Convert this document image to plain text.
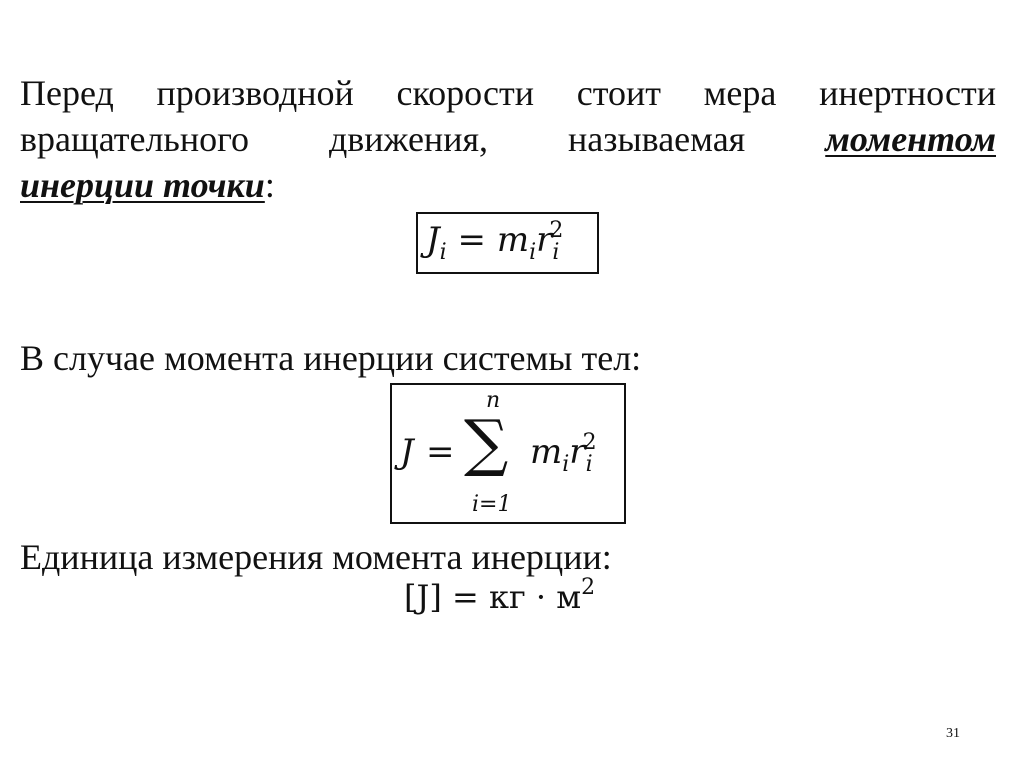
Перед производной скорости стоит мера инертности
вращательного движения, называемая моментом
инерции точки:
$J_i = m_ir_i^2$
В случае момента инерции системы тел:
J =
n
∑
i=1
$m_ir_i^2$
Единица измерения момента инерции:
[J] = кг · $м^2$
31
